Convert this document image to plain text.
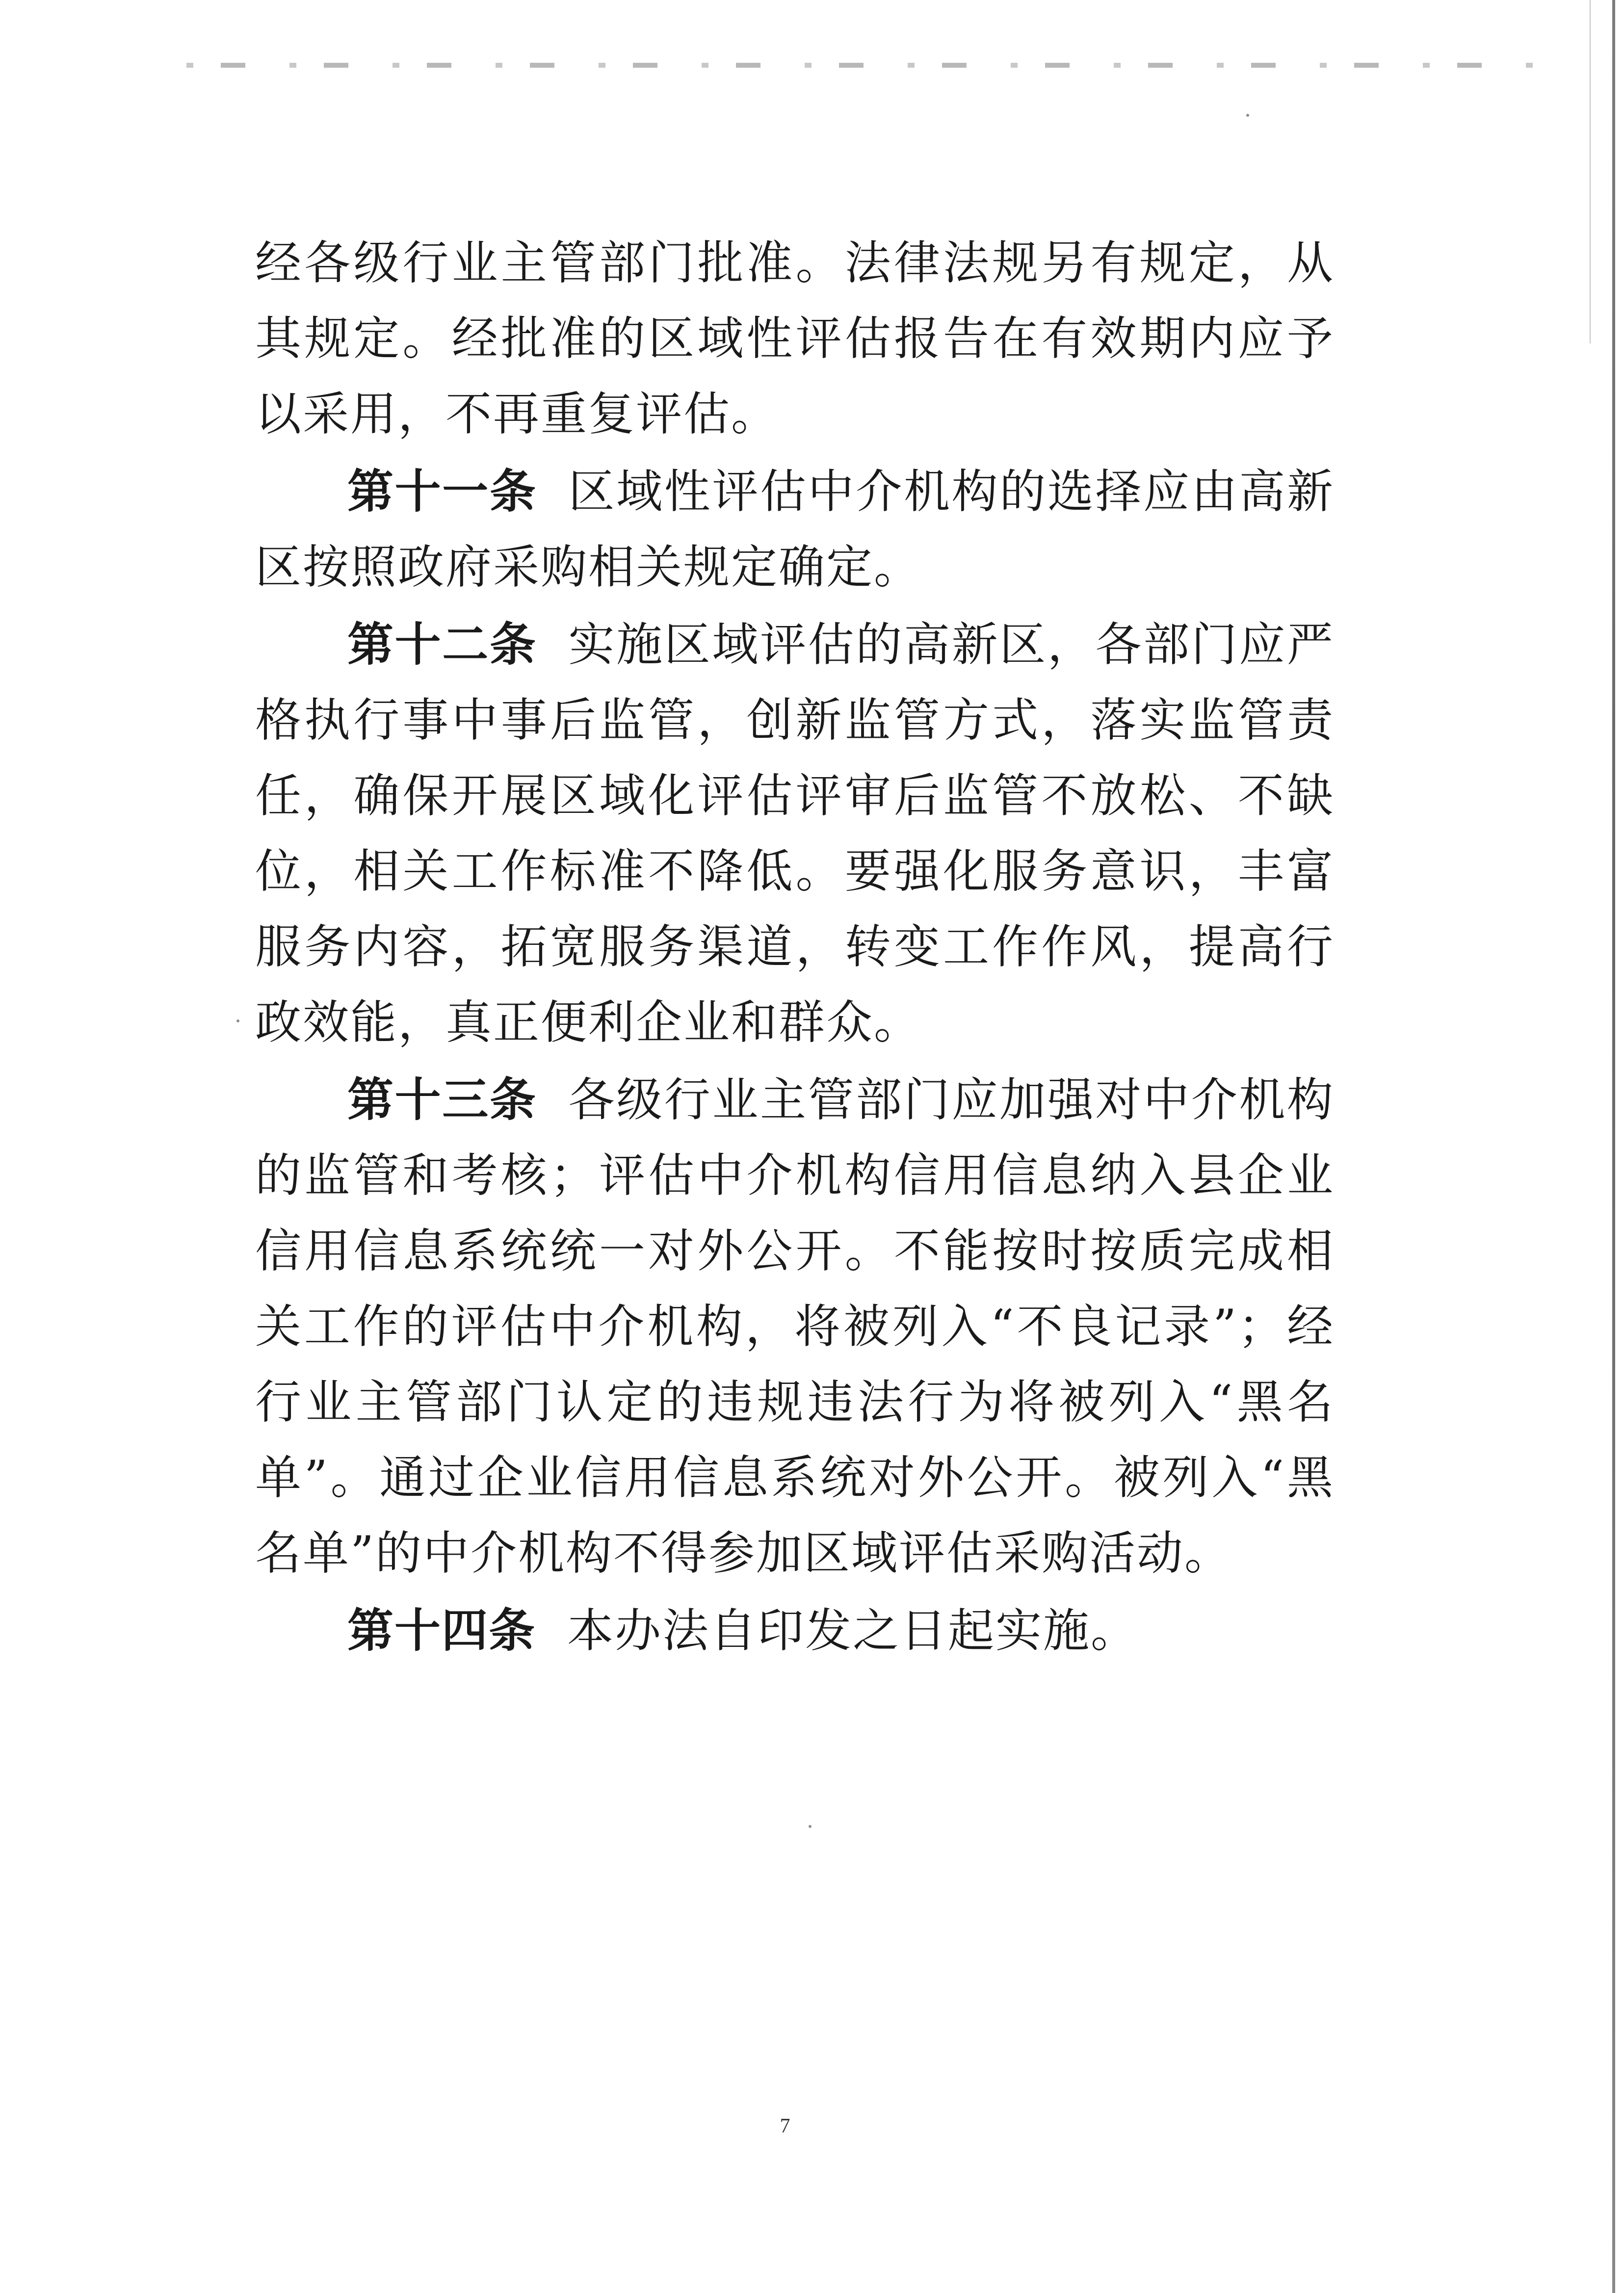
经各级行业主管部门批准。法律法规另有规定，从其规定。经批准的区域性评估报告在有效期内应予以采用，不再重复评估。

第十一条 区域性评估中介机构的选择应由高新区按照政府采购相关规定确定。

第十二条 实施区域评估的高新区，各部门应严格执行事中事后监管，创新监管方式，落实监管责任，确保开展区域化评估评审后监管不放松、不缺位，相关工作标准不降低。要强化服务意识，丰富服务内容，拓宽服务渠道，转变工作作风，提高行政效能，真正便利企业和群众。

第十三条 各级行业主管部门应加强对中介机构的监管和考核；评估中介机构信用信息纳入县企业信用信息系统统一对外公开。不能按时按质完成相关工作的评估中介机构，将被列入“不良记录”；经行业主管部门认定的违规违法行为将被列入“黑名单”。通过企业信用信息系统对外公开。被列入“黑名单”的中介机构不得参加区域评估采购活动。

第十四条 本办法自印发之日起实施。

7
